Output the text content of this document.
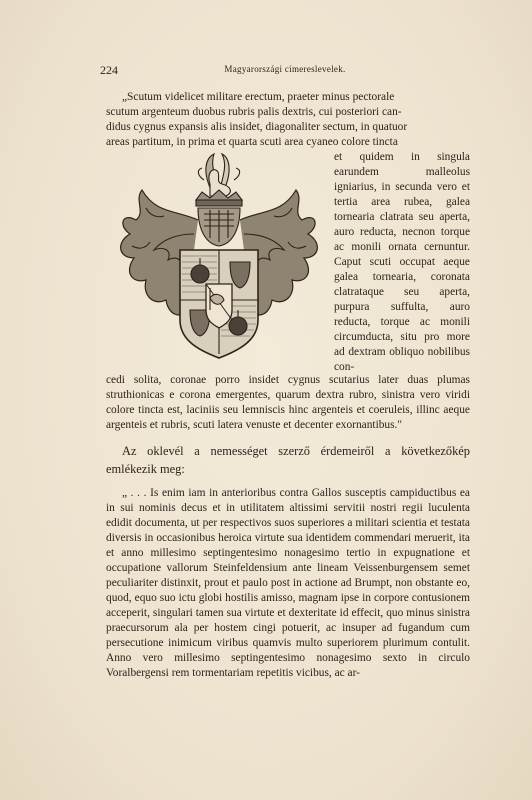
224	Magyarországi címereslevelek.
„Scutum videlicet militare erectum, praeter minus pectorale
scutum argenteum duobus rubris palis dextris, cui posteriori can-
didus cygnus expansis alis insidet, diagonaliter sectum, in quatuor
areas partitum, in prima et quarta scuti area cyaneo colore tincta
et quidem in singula earundem malleolus igniarius, in secunda vero et tertia area rubea, galea tornearia clatrata seu aperta, auro reducta, necnon torque ac monili ornata cernuntur. Caput scuti occupat aeque galea tornearia, coronata clatrataque seu aperta, purpura suffulta, auro reducta, torque ac monili circumducta, situ pro more ad dextram obliquo nobilibus con-
cedi solita, coronae porro insidet cygnus scutarius later duas plumas struthionicas e corona emergentes, quarum dextra rubro, sinistra vero viridi colore tincta est, laciniis seu lemniscis hinc argenteis et coeruleis, illinc aeque argenteis et rubris, scuti latera venuste et decenter exornantibus."
Az oklevél a nemességet szerző érdemeiről a következőkép emlékezik meg:
„ . . . Is enim iam in anterioribus contra Gallos susceptis campiductibus ea in sui nominis decus et in utilitatem altissimi servitii nostri regii luculenta edidit documenta, ut per respectivos suos superiores a militari scientia et testata diversis in occasionibus heroica virtute sua identidem commendari meruerit, ita et anno millesimo septingentesimo nonagesimo tertio in expugnatione et occupatione vallorum Steinfeldensium ante lineam Veissenburgensem semet peculiariter distinxit, prout et paulo post in actione ad Brumpt, non obstante eo, quod, equo suo ictu globi hostilis amisso, magnam ipse in corpore contusionem acceperit, singulari tamen sua virtute et dexteritate id effecit, quo minus sinistra praecursorum ala per hostem cingi potuerit, ac insuper ad fugandum cum persecutione inimicum viribus quamvis multo superiorem plurimum contulit. Anno vero millesimo septingentesimo nonagesimo sexto in circulo Voralbergensi rem tormentariam repetitis vicibus, ac ar-
